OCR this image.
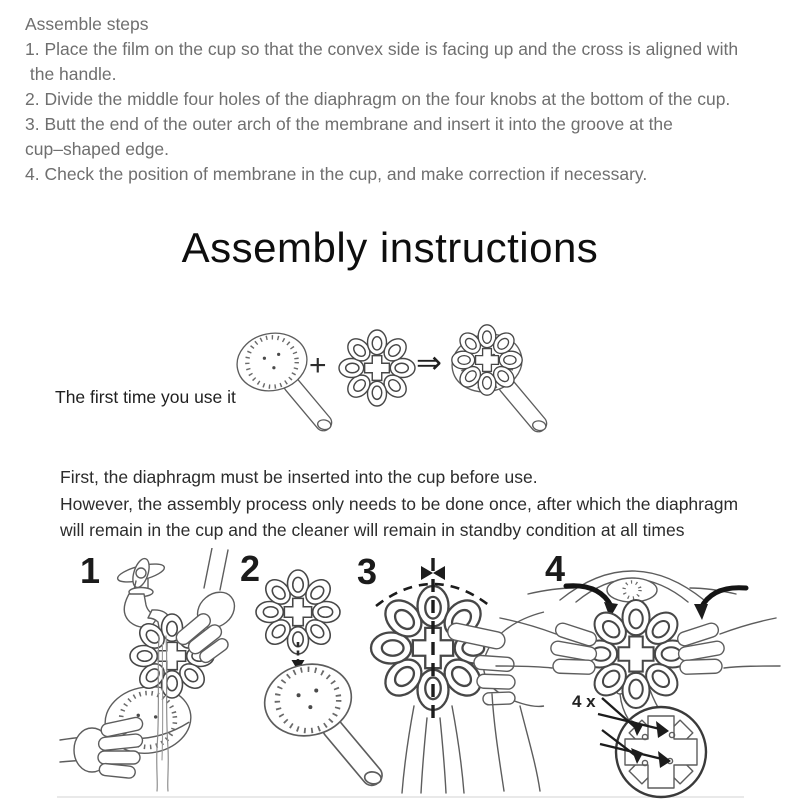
Assemble steps
1. Place the film on the cup so that the convex side is facing up and the cross is aligned with
the handle.
2. Divide the middle four holes of the diaphragm on the four knobs at the bottom of the cup.
3. Butt the end of the outer arch of the membrane and insert it into the groove at the
cup–shaped edge.
4. Check the position of membrane in the cup, and make correction if necessary.
Assembly instructions
+	⇒
The first time you use it
First, the diaphragm must be inserted into the cup before use.
However, the assembly process only needs to be done once, after which the diaphragm
will remain in the cup and the cleaner will remain in standby condition at all times
1	2	3	4
4 x
